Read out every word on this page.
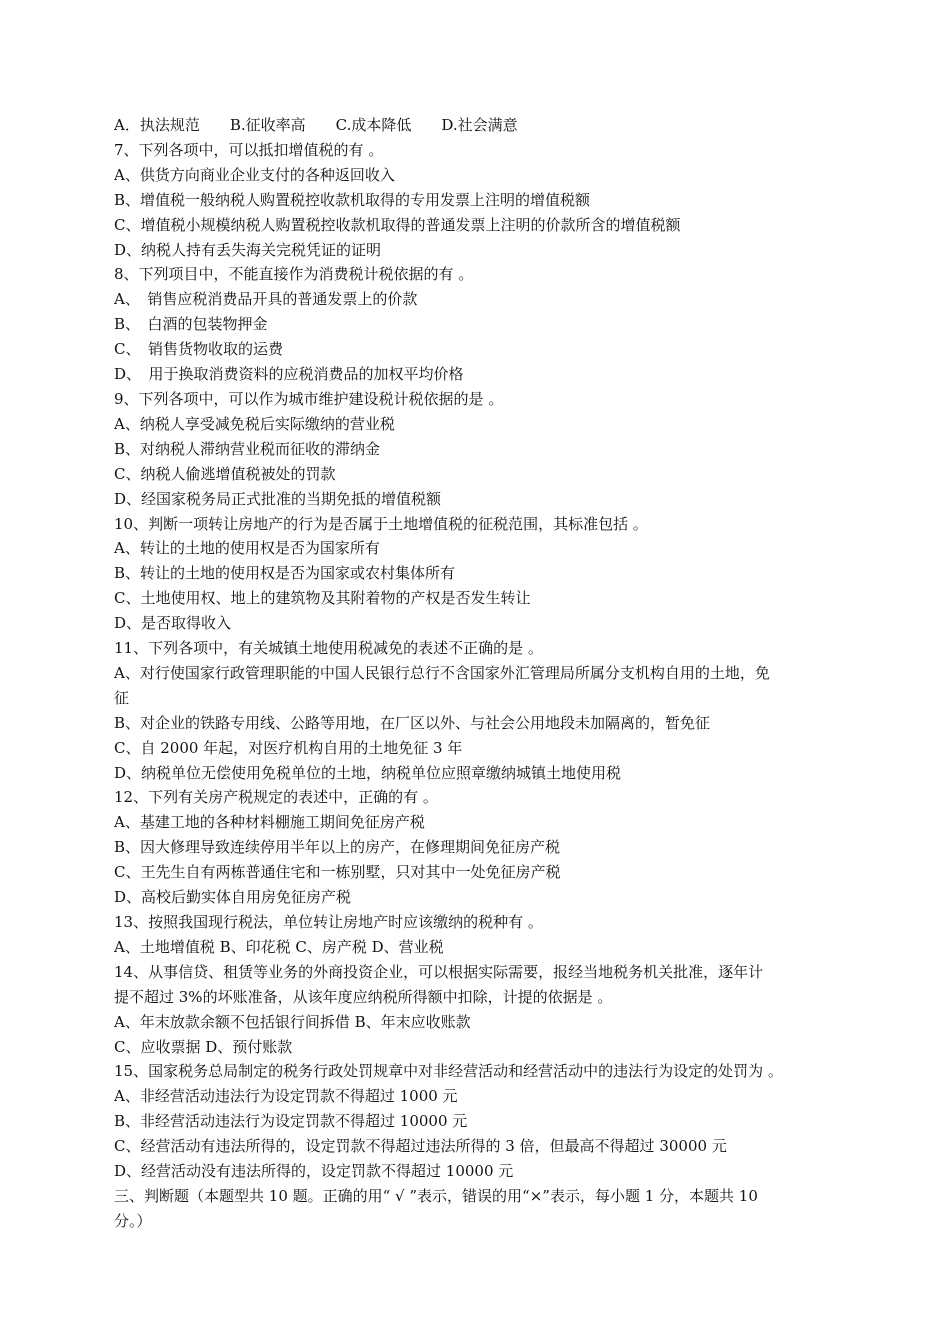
A．执法规范　　B.征收率高　　C.成本降低　　D.社会满意
7、下列各项中，可以抵扣增值税的有 。
A、供货方向商业企业支付的各种返回收入
B、增值税一般纳税人购置税控收款机取得的专用发票上注明的增值税额
C、增值税小规模纳税人购置税控收款机取得的普通发票上注明的价款所含的增值税额
D、纳税人持有丢失海关完税凭证的证明
8、下列项目中，不能直接作为消费税计税依据的有 。
A、　销售应税消费品开具的普通发票上的价款
B、　白酒的包装物押金
C、　销售货物收取的运费
D、　用于换取消费资料的应税消费品的加权平均价格
9、下列各项中，可以作为城市维护建设税计税依据的是 。
A、纳税人享受减免税后实际缴纳的营业税
B、对纳税人滞纳营业税而征收的滞纳金
C、纳税人偷逃增值税被处的罚款
D、经国家税务局正式批准的当期免抵的增值税额
10、判断一项转让房地产的行为是否属于土地增值税的征税范围，其标准包括 。
A、转让的土地的使用权是否为国家所有
B、转让的土地的使用权是否为国家或农村集体所有
C、土地使用权、地上的建筑物及其附着物的产权是否发生转让
D、是否取得收入
11、下列各项中，有关城镇土地使用税减免的表述不正确的是 。
A、对行使国家行政管理职能的中国人民银行总行不含国家外汇管理局所属分支机构自用的土地，免
征
B、对企业的铁路专用线、公路等用地，在厂区以外、与社会公用地段未加隔离的，暂免征
C、自 2000 年起，对医疗机构自用的土地免征 3 年
D、纳税单位无偿使用免税单位的土地，纳税单位应照章缴纳城镇土地使用税
12、下列有关房产税规定的表述中，正确的有 。
A、基建工地的各种材料棚施工期间免征房产税
B、因大修理导致连续停用半年以上的房产，在修理期间免征房产税
C、王先生自有两栋普通住宅和一栋别墅，只对其中一处免征房产税
D、高校后勤实体自用房免征房产税
13、按照我国现行税法，单位转让房地产时应该缴纳的税种有 。
A、土地增值税 B、印花税 C、房产税 D、营业税
14、从事信贷、租赁等业务的外商投资企业，可以根据实际需要，报经当地税务机关批准，逐年计
提不超过 3%的坏账准备，从该年度应纳税所得额中扣除，计提的依据是 。
A、年末放款余额不包括银行间拆借 B、年末应收账款
C、应收票据 D、预付账款
15、国家税务总局制定的税务行政处罚规章中对非经营活动和经营活动中的违法行为设定的处罚为 。
A、非经营活动违法行为设定罚款不得超过 1000 元
B、非经营活动违法行为设定罚款不得超过 10000 元
C、经营活动有违法所得的，设定罚款不得超过违法所得的 3 倍，但最高不得超过 30000 元
D、经营活动没有违法所得的，设定罚款不得超过 10000 元
三、判断题（本题型共 10 题。正确的用“ √ ”表示，错误的用“×”表示，每小题 1 分，本题共 10
分。）
